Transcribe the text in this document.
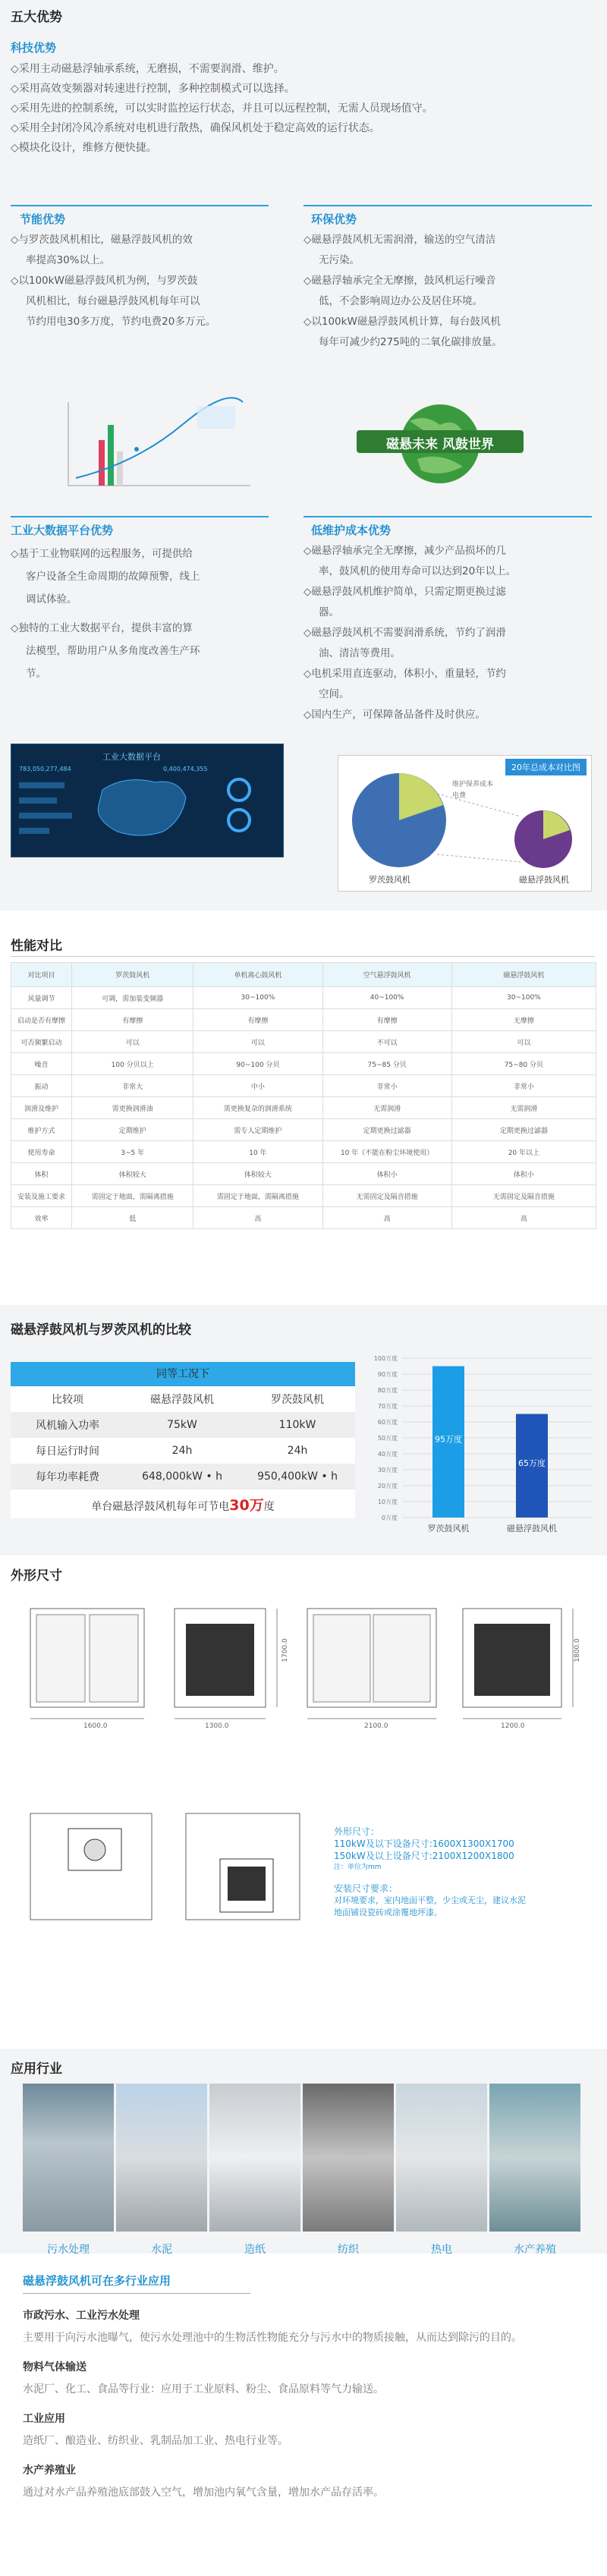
五大优势
科技优势
◇采用主动磁悬浮轴承系统，无磨损，不需要润滑、维护。
◇采用高效变频器对转速进行控制，多种控制模式可以选择。
◇采用先进的控制系统，可以实时监控运行状态，并且可以远程控制，无需人员现场值守。
◇采用全封闭冷风冷系统对电机进行散热，确保风机处于稳定高效的运行状态。
◇模块化设计，维修方便快捷。
节能优势
◇与罗茨鼓风机相比，磁悬浮鼓风机的效
率提高30%以上。
◇以100kW磁悬浮鼓风机为例，与罗茨鼓
风机相比，每台磁悬浮鼓风机每年可以
节约用电30多万度，节约电费20多万元。
环保优势
◇磁悬浮鼓风机无需润滑，输送的空气清洁
无污染。
◇磁悬浮轴承完全无摩擦，鼓风机运行噪音
低，不会影响周边办公及居住环境。
◇以100kW磁悬浮鼓风机计算，每台鼓风机
每年可减少约275吨的二氧化碳排放量。
磁悬未来 风鼓世界
工业大数据平台优势
◇基于工业物联网的远程服务，可提供给
客户设备全生命周期的故障预警，线上
调试体验。
◇独特的工业大数据平台，提供丰富的算
法模型，帮助用户从多角度改善生产环
节。
工业大数据平台
783,050,277,484	0,400,474,355
低维护成本优势
◇磁悬浮轴承完全无摩擦，减少产品损坏的几
率，鼓风机的使用寿命可以达到20年以上。
◇磁悬浮鼓风机维护简单，只需定期更换过滤
器。
◇磁悬浮鼓风机不需要润滑系统，节约了润滑
油、清洁等费用。
◇电机采用直连驱动，体积小，重量轻，节约
空间。
◇国内生产，可保障备品备件及时供应。
20年总成本对比图
罗茨鼓风机	磁悬浮鼓风机
维护保养成本
电费
性能对比
对比项目	罗茨鼓风机	单机离心鼓风机	空气悬浮鼓风机	磁悬浮鼓风机
风量调节	可调，需加装变频器	30~100%	40~100%	30~100%
启动是否有摩擦	有摩擦	有摩擦	有摩擦	无摩擦
可否频繁启动	可以	可以	不可以	可以
噪音	100 分贝以上	90~100 分贝	75~85 分贝	75~80 分贝
振动	非常大	中小	非常小	非常小
润滑及维护	需更换润滑油	需更换复杂的润滑系统	无需润滑	无需润滑
维护方式	定期维护	需专人定期维护	定期更换过滤器	定期更换过滤器
使用寿命	3~5 年	10 年	10 年（不能在粉尘环境使用）	20 年以上
体积	体积较大	体积较大	体积小	体积小
安装及施工要求	需固定于地面，需隔离措施	需固定于地面，需隔离措施	无需固定及隔音措施	无需固定及隔音措施
效率	低	高	高	高
磁悬浮鼓风机与罗茨风机的比较
同等工况下
比较项	磁悬浮鼓风机	罗茨鼓风机
风机输入功率	75kW	110kW
每日运行时间	24h	24h
每年功率耗费	648,000kW • h	950,400kW • h
单台磁悬浮鼓风机每年可节电30万度		
100万度
90万度
80万度
70万度
60万度
50万度
40万度
30万度
20万度
10万度
0万度
95万度
罗茨鼓风机
65万度
磁悬浮鼓风机
外形尺寸
1600.0	1300.0	2100.0	1200.0
1700.0	1800.0
外形尺寸：
110kW及以下设备尺寸:1600X1300X1700
150kW及以上设备尺寸:2100X1200X1800
注：单位为mm
安装尺寸要求：
对环境要求，室内地面平整，少尘或无尘，建议水泥
地面铺设瓷砖或涂覆地坪漆。
应用行业
污水处理	水泥	造纸	纺织	热电	水产养殖
磁悬浮鼓风机可在多行业应用
市政污水、工业污水处理
主要用于向污水池曝气，使污水处理池中的生物活性物能充分与污水中的物质接触，从而达到除污的目的。
物料气体输送
水泥厂、化工、食品等行业：应用于工业原料、粉尘、食品原料等气力输送。
工业应用
造纸厂、酿造业、纺织业、乳制品加工业、热电行业等。
水产养殖业
通过对水产品养殖池底部鼓入空气，增加池内氧气含量，增加水产品存活率。
